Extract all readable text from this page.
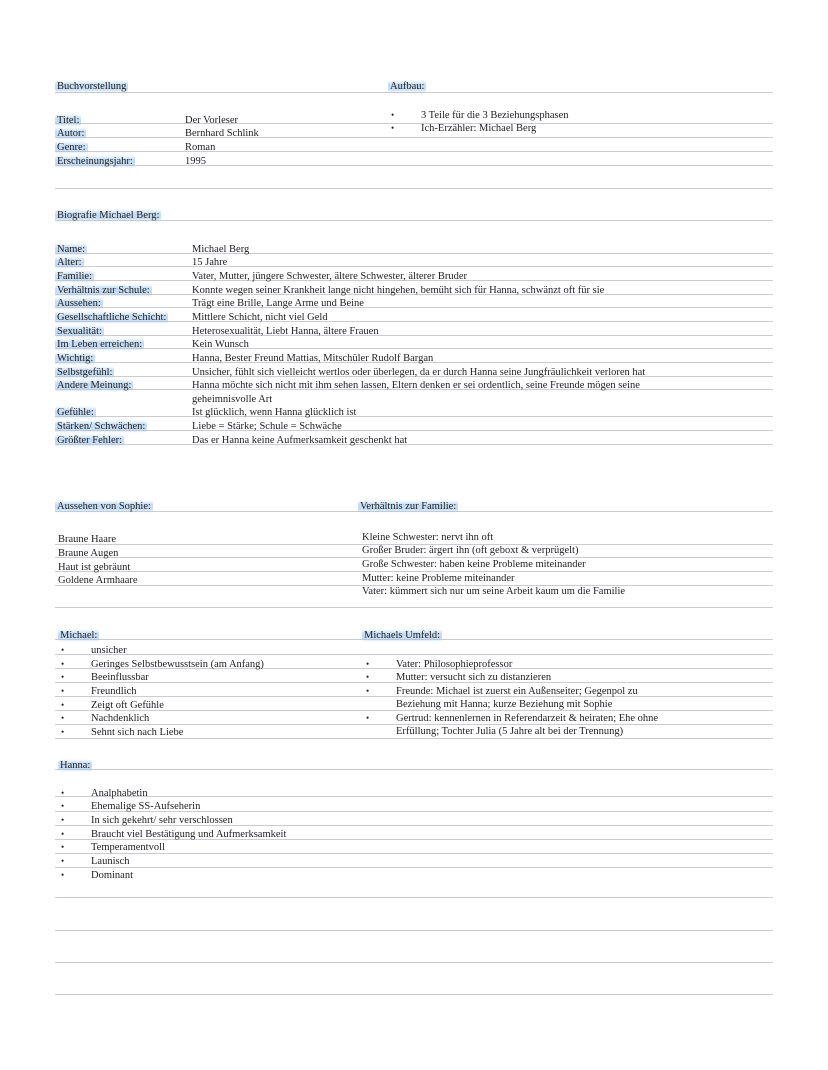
Buchvorstellung
Titel:	Der Vorleser
Autor:	Bernhard Schlink
Genre:	Roman
Erscheinungsjahr:	1995
Aufbau:
•	3 Teile für die 3 Beziehungsphasen
•	Ich-Erzähler: Michael Berg
Biografie Michael Berg:
Name:	Michael Berg
Alter:	15 Jahre
Familie:	Vater, Mutter, jüngere Schwester, ältere Schwester, älterer Bruder
Verhältnis zur Schule:	Konnte wegen seiner Krankheit lange nicht hingehen, bemüht sich für Hanna, schwänzt oft für sie
Aussehen:	Trägt eine Brille, Lange Arme und Beine
Gesellschaftliche Schicht: Mittlere Schicht, nicht viel Geld
Sexualität:	Heterosexualität, Liebt Hanna, ältere Frauen
Im Leben erreichen:	Kein Wunsch
Wichtig:	Hanna, Bester Freund Mattias, Mitschüler Rudolf Bargan
Selbstgefühl:	Unsicher, fühlt sich vielleicht wertlos oder überlegen, da er durch Hanna seine Jungfräulichkeit verloren hat
Andere Meinung:	Hanna möchte sich nicht mit ihm sehen lassen, Eltern denken er sei ordentlich, seine Freunde mögen seine
geheimnisvolle Art
Gefühle:	Ist glücklich, wenn Hanna glücklich ist
Stärken/ Schwächen:	Liebe = Stärke; Schule = Schwäche
Größter Fehler:	Das er Hanna keine Aufmerksamkeit geschenkt hat
Aussehen von Sophie:
Braune Haare
Braune Augen
Haut ist gebräunt
Goldene Armhaare
Verhältnis zur Familie:
Kleine Schwester: nervt ihn oft
Großer Bruder: ärgert ihn (oft geboxt & verprügelt)
Große Schwester: haben keine Probleme miteinander
Mutter: keine Probleme miteinander
Vater: kümmert sich nur um seine Arbeit kaum um die Familie
Michael:
•	unsicher
•	Geringes Selbstbewusstsein (am Anfang)
•	Beeinflussbar
•	Freundlich
•	Zeigt oft Gefühle
•	Nachdenklich
•	Sehnt sich nach Liebe
Michaels Umfeld:
•	Vater: Philosophieprofessor
•	Mutter: versucht sich zu distanzieren
•	Freunde: Michael ist zuerst ein Außenseiter; Gegenpol zu Beziehung mit Hanna; kurze Beziehung mit Sophie
•	Gertrud: kennenlernen in Referendarzeit & heiraten; Ehe ohne Erfüllung; Tochter Julia (5 Jahre alt bei der Trennung)
Hanna:
•	Analphabetin
•	Ehemalige SS-Aufseherin
•	In sich gekehrt/ sehr verschlossen
•	Braucht viel Bestätigung und Aufmerksamkeit
•	Temperamentvoll
•	Launisch
•	Dominant
